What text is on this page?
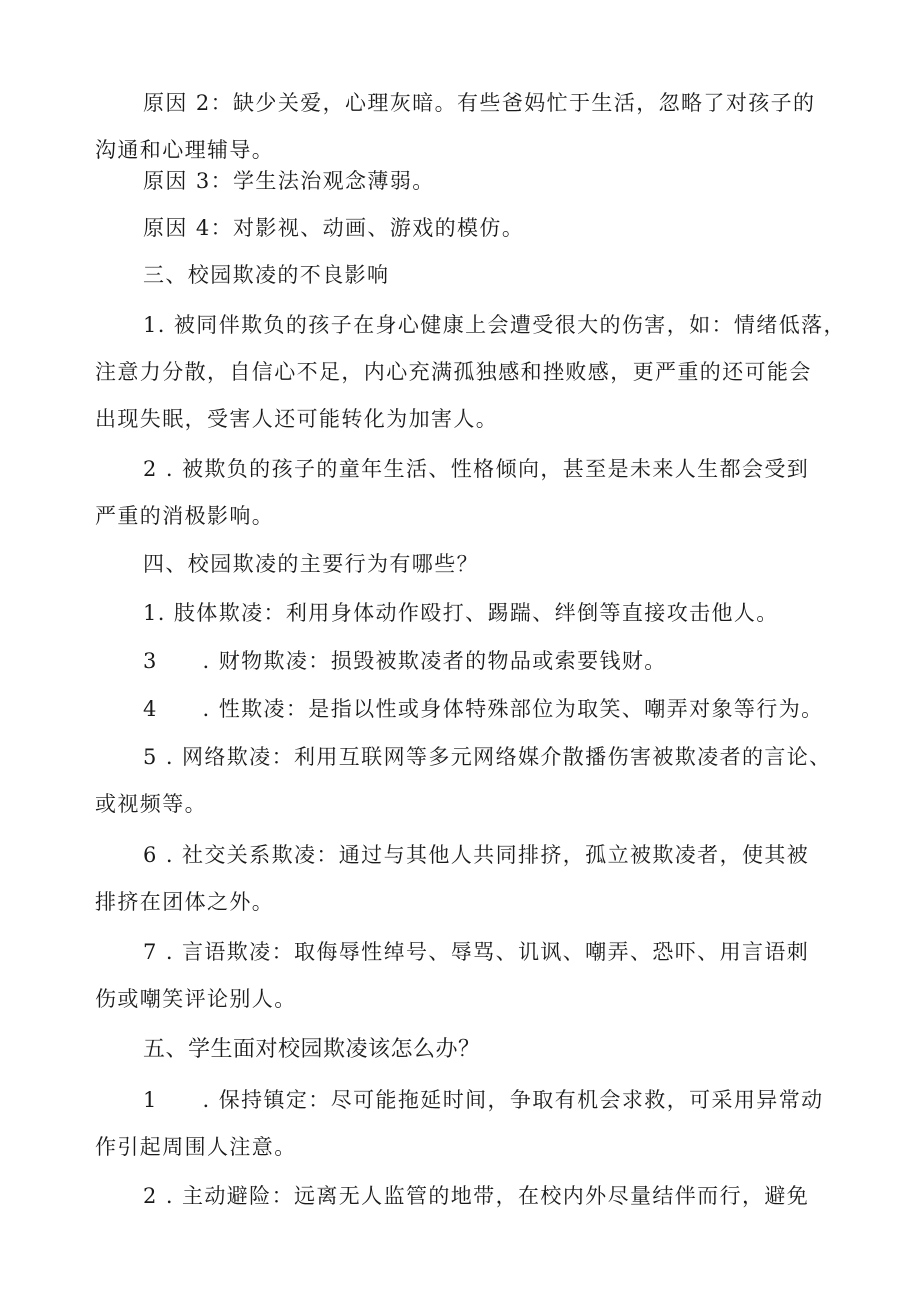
原因 2：缺少关爱，心理灰暗。有些爸妈忙于生活，忽略了对孩子的
沟通和心理辅导。
原因 3：学生法治观念薄弱。
原因 4：对影视、动画、游戏的模仿。
三、校园欺凌的不良影响
1. 被同伴欺负的孩子在身心健康上会遭受很大的伤害，如：情绪低落，
注意力分散，自信心不足，内心充满孤独感和挫败感，更严重的还可能会
出现失眠，受害人还可能转化为加害人。
2 . 被欺负的孩子的童年生活、性格倾向，甚至是未来人生都会受到
严重的消极影响。
四、校园欺凌的主要行为有哪些？
1. 肢体欺凌：利用身体动作殴打、踢踹、绊倒等直接攻击他人。
3　　. 财物欺凌：损毁被欺凌者的物品或索要钱财。
4　　. 性欺凌：是指以性或身体特殊部位为取笑、嘲弄对象等行为。
5 . 网络欺凌：利用互联网等多元网络媒介散播伤害被欺凌者的言论、
或视频等。
6 . 社交关系欺凌：通过与其他人共同排挤，孤立被欺凌者，使其被
排挤在团体之外。
7 . 言语欺凌：取侮辱性绰号、辱骂、讥讽、嘲弄、恐吓、用言语刺
伤或嘲笑评论别人。
五、学生面对校园欺凌该怎么办？
1　　. 保持镇定：尽可能拖延时间，争取有机会求救，可采用异常动
作引起周围人注意。
2 . 主动避险：远离无人监管的地带，在校内外尽量结伴而行，避免
